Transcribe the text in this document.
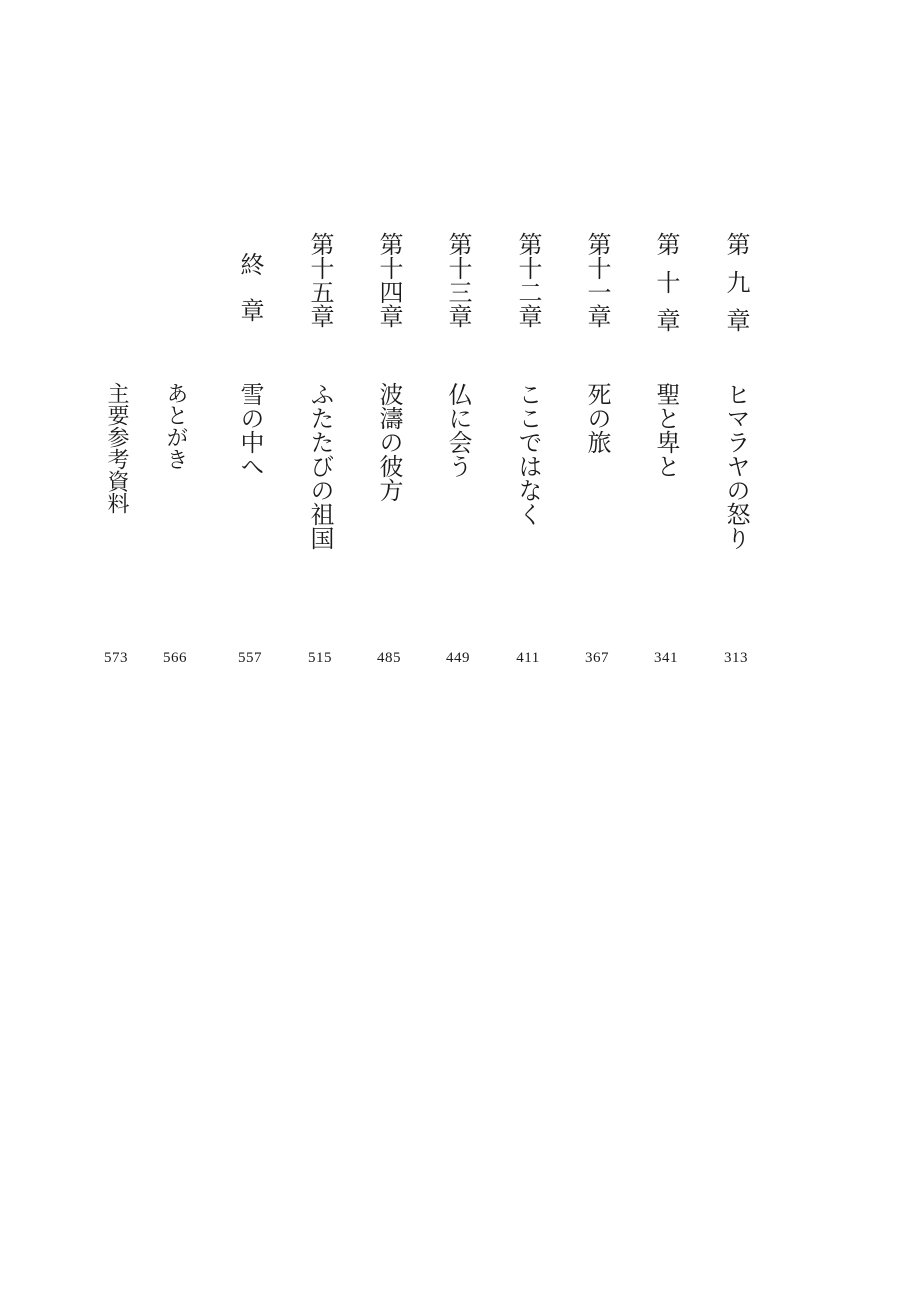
第九章
ヒマラヤの怒り
313
第十章
聖と卑と
341
第十一章
死の旅
367
第十二章
ここではなく
411
第十三章
仏に会う
449
第十四章
波濤の彼方
485
第十五章
ふたたびの祖国
515
終章
雪の中へ
557
あとがき
566
主要参考資料
573
